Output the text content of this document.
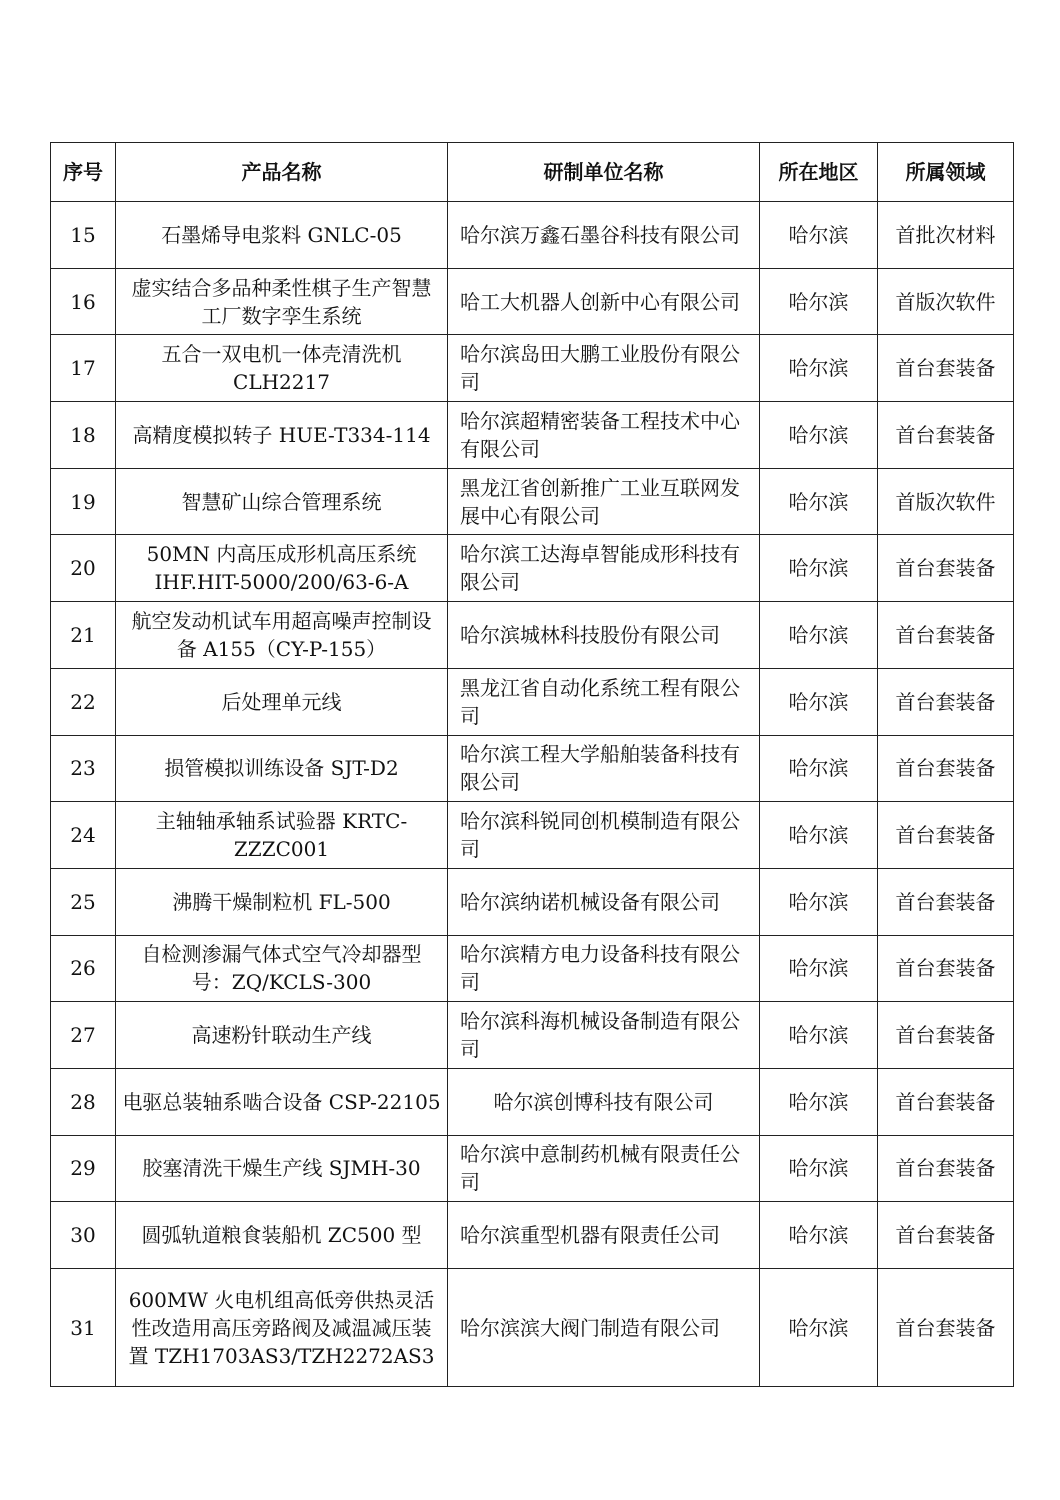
序号	产品名称	研制单位名称	所在地区	所属领域
15	石墨烯导电浆料 GNLC-05	哈尔滨万鑫石墨谷科技有限公司	哈尔滨	首批次材料
16	虚实结合多品种柔性棋子生产智慧工厂数字孪生系统	哈工大机器人创新中心有限公司	哈尔滨	首版次软件
17	五合一双电机一体壳清洗机 CLH2217	哈尔滨岛田大鹏工业股份有限公司	哈尔滨	首台套装备
18	高精度模拟转子 HUE-T334-114	哈尔滨超精密装备工程技术中心有限公司	哈尔滨	首台套装备
19	智慧矿山综合管理系统	黑龙江省创新推广工业互联网发展中心有限公司	哈尔滨	首版次软件
20	50MN 内高压成形机高压系统 IHF.HIT-5000/200/63-6-A	哈尔滨工达海卓智能成形科技有限公司	哈尔滨	首台套装备
21	航空发动机试车用超高噪声控制设备 A155（CY-P-155）	哈尔滨城林科技股份有限公司	哈尔滨	首台套装备
22	后处理单元线	黑龙江省自动化系统工程有限公司	哈尔滨	首台套装备
23	损管模拟训练设备 SJT-D2	哈尔滨工程大学船舶装备科技有限公司	哈尔滨	首台套装备
24	主轴轴承轴系试验器 KRTC-ZZZC001	哈尔滨科锐同创机模制造有限公司	哈尔滨	首台套装备
25	沸腾干燥制粒机 FL-500	哈尔滨纳诺机械设备有限公司	哈尔滨	首台套装备
26	自检测渗漏气体式空气冷却器型号：ZQ/KCLS-300	哈尔滨精方电力设备科技有限公司	哈尔滨	首台套装备
27	高速粉针联动生产线	哈尔滨科海机械设备制造有限公司	哈尔滨	首台套装备
28	电驱总装轴系啮合设备 CSP-22105	哈尔滨创博科技有限公司	哈尔滨	首台套装备
29	胶塞清洗干燥生产线 SJMH-30	哈尔滨中意制药机械有限责任公司	哈尔滨	首台套装备
30	圆弧轨道粮食装船机 ZC500 型	哈尔滨重型机器有限责任公司	哈尔滨	首台套装备
31	600MW 火电机组高低旁供热灵活性改造用高压旁路阀及减温减压装置 TZH1703AS3/TZH2272AS3	哈尔滨滨大阀门制造有限公司	哈尔滨	首台套装备
